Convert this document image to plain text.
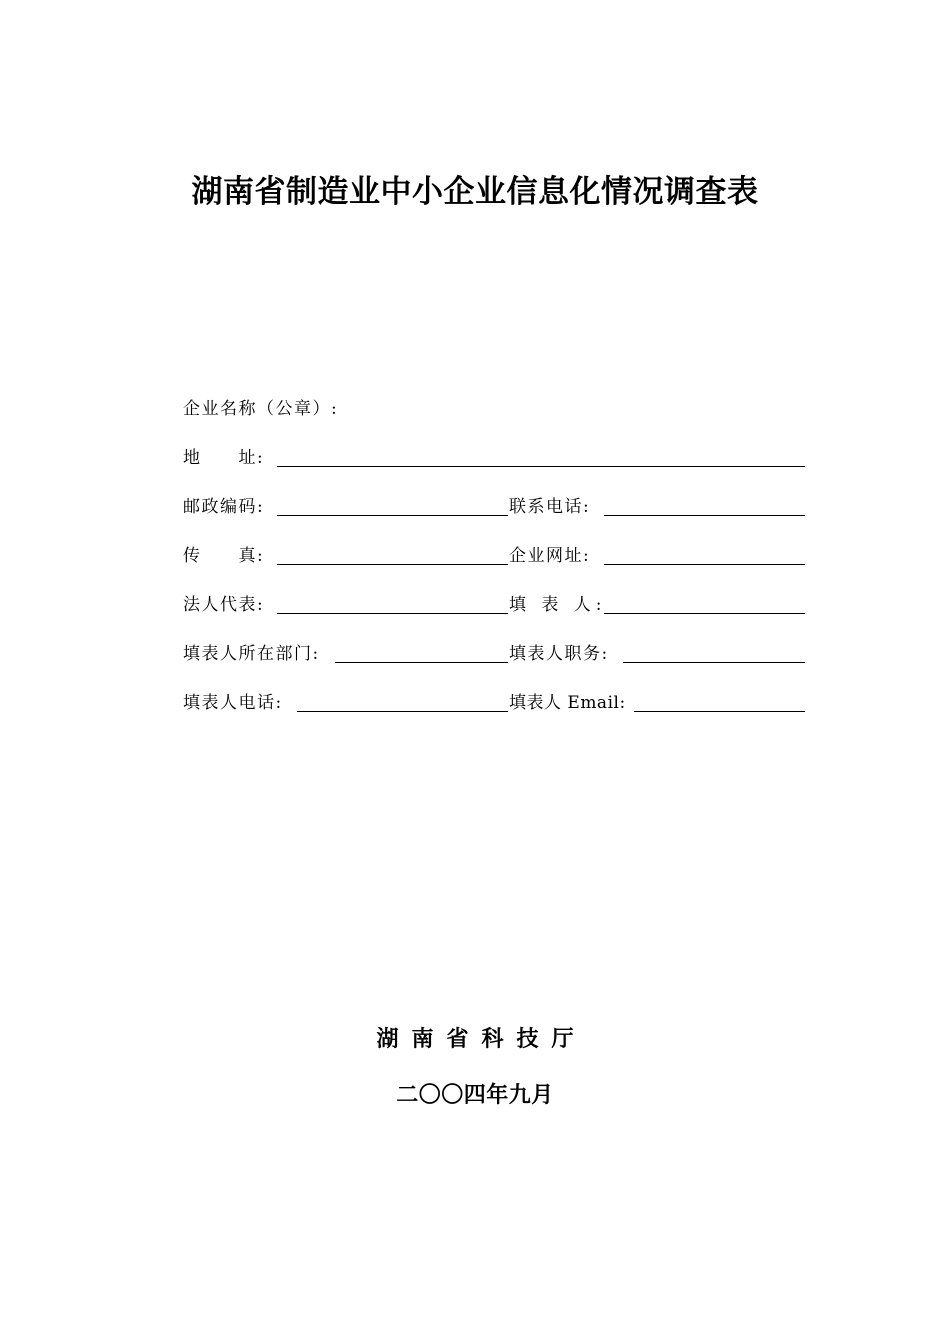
湖南省制造业中小企业信息化情况调查表
企业名称（公章）:
地　　址:
邮政编码:	联系电话:
传　　真:	企业网址:
法人代表:	填 表 人:
填表人所在部门:	填表人职务:
填表人电话:	填表人 Email:

湖南省科技厅

二〇〇四年九月
